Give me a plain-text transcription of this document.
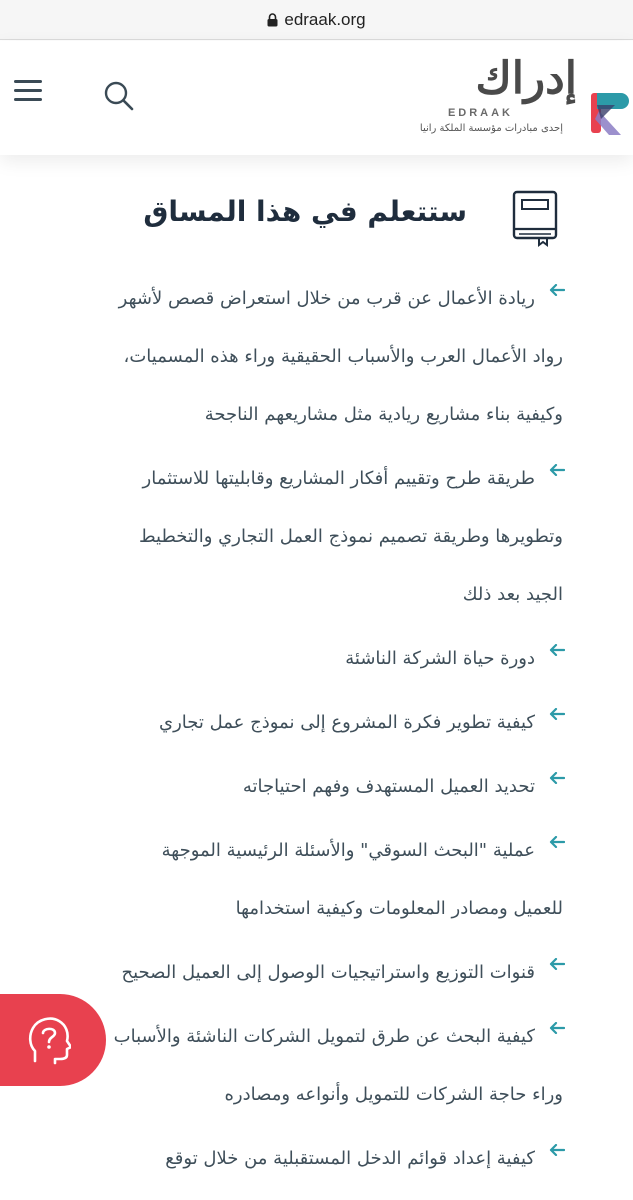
edraak.org
إدراك
EDRAAK
إحدى مبادرات مؤسسة الملكة رانيا
ستتعلم في هذا المساق
ريادة الأعمال عن قرب من خلال استعراض قصص لأشهر
رواد الأعمال العرب والأسباب الحقيقية وراء هذه المسميات،
وكيفية بناء مشاريع ريادية مثل مشاريعهم الناجحة
طريقة طرح وتقييم أفكار المشاريع وقابليتها للاستثمار
وتطويرها وطريقة تصميم نموذج العمل التجاري والتخطيط
الجيد بعد ذلك
دورة حياة الشركة الناشئة
كيفية تطوير فكرة المشروع إلى نموذج عمل تجاري
تحديد العميل المستهدف وفهم احتياجاته
عملية "البحث السوقي" والأسئلة الرئيسية الموجهة
للعميل ومصادر المعلومات وكيفية استخدامها
قنوات التوزيع واستراتيجيات الوصول إلى العميل الصحيح
كيفية البحث عن طرق لتمويل الشركات الناشئة والأسباب
وراء حاجة الشركات للتمويل وأنواعه ومصادره
كيفية إعداد قوائم الدخل المستقبلية من خلال توقع
